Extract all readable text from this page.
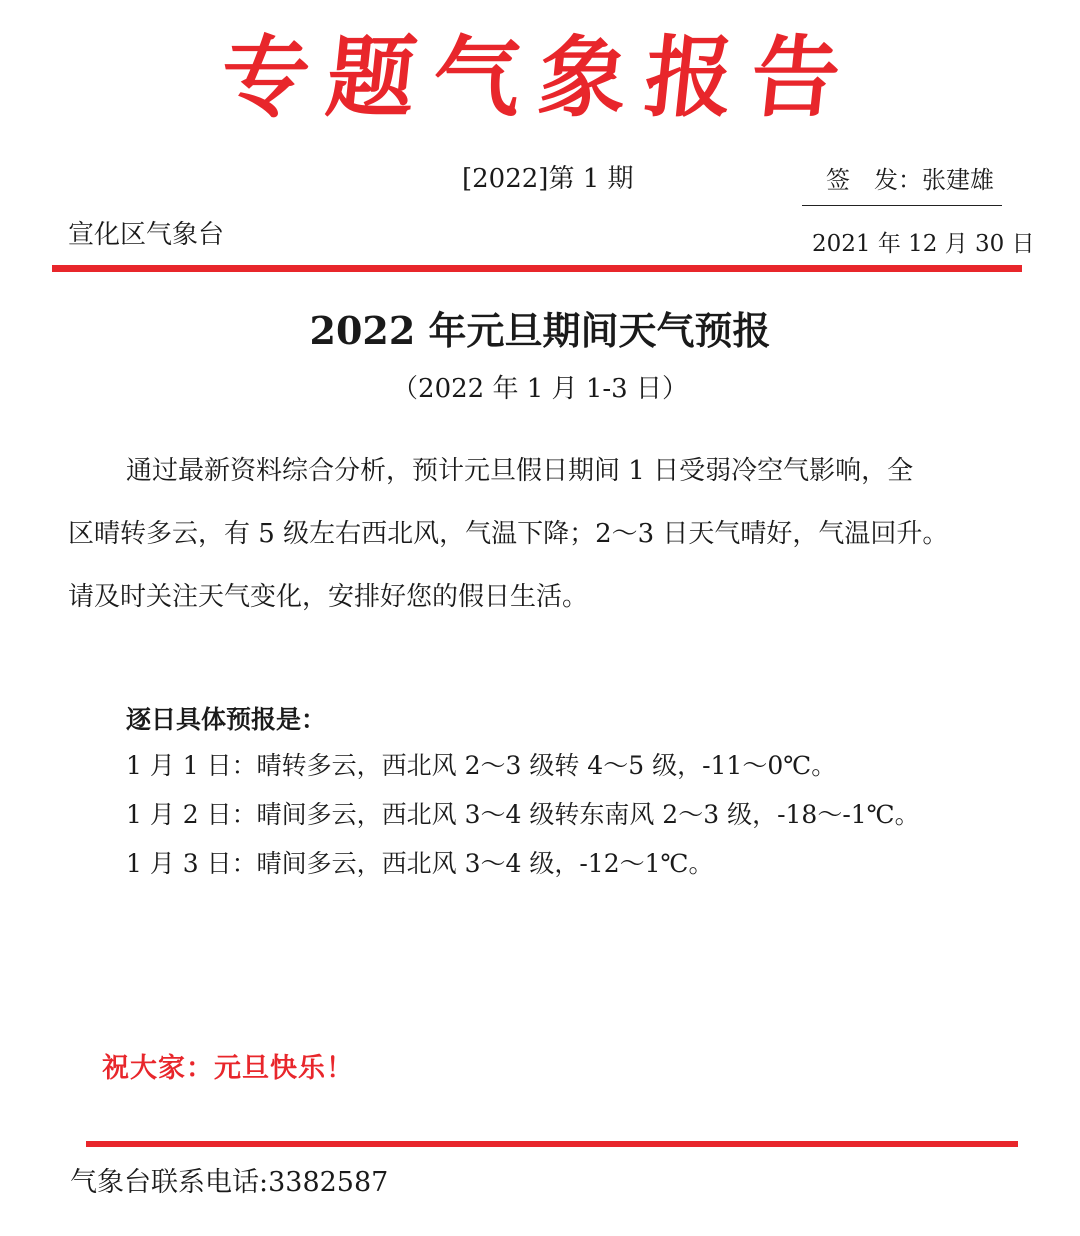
专题气象报告
[2022]第 1 期	签　发：张建雄
宣化区气象台	2021 年 12 月 30 日
2022 年元旦期间天气预报
（2022 年 1 月 1-3 日）
通过最新资料综合分析，预计元旦假日期间 1 日受弱冷空气影响，全
区晴转多云，有 5 级左右西北风，气温下降；2～3 日天气晴好，气温回升。
请及时关注天气变化，安排好您的假日生活。
逐日具体预报是：
1 月 1 日：晴转多云，西北风 2～3 级转 4～5 级，-11～0℃。
1 月 2 日：晴间多云，西北风 3～4 级转东南风 2～3 级，-18～-1℃。
1 月 3 日：晴间多云，西北风 3～4 级，-12～1℃。
祝大家：元旦快乐！
气象台联系电话:3382587
